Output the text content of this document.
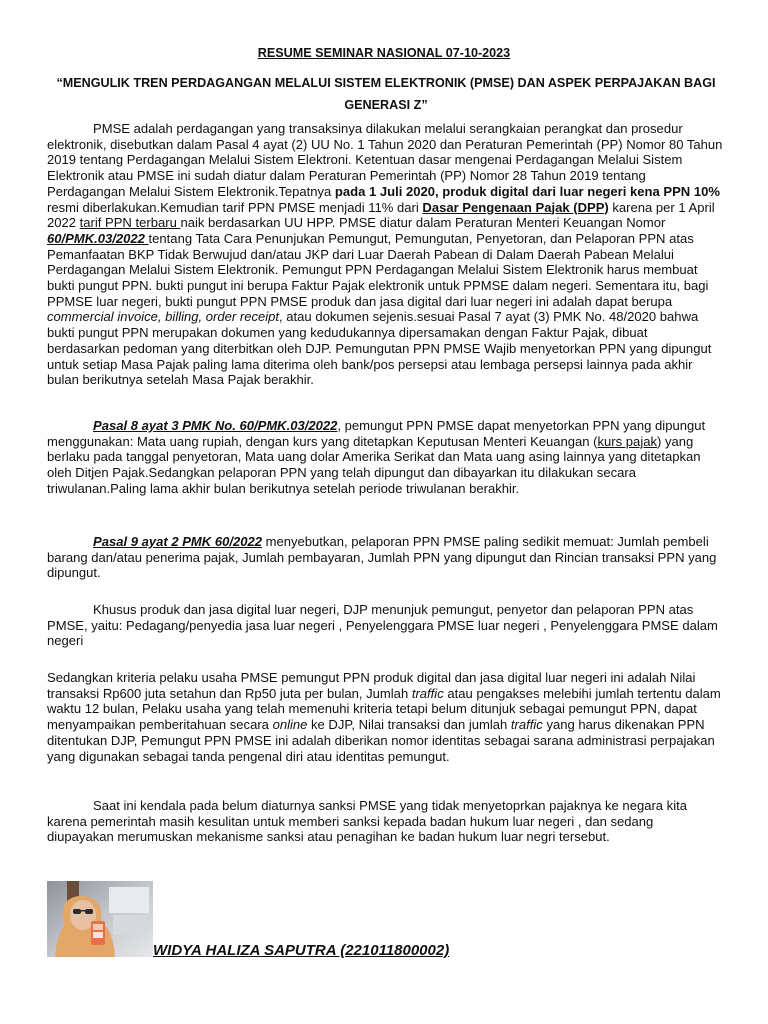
RESUME SEMINAR NASIONAL 07-10-2023
“MENGULIK TREN PERDAGANGAN MELALUI SISTEM ELEKTRONIK (PMSE) DAN ASPEK PERPAJAKAN BAGI GENERASI Z”

PMSE adalah perdagangan yang transaksinya dilakukan melalui serangkaian perangkat dan prosedur elektronik, disebutkan dalam Pasal 4 ayat (2) UU No. 1 Tahun 2020 dan Peraturan Pemerintah (PP) Nomor 80 Tahun 2019 tentang Perdagangan Melalui Sistem Elektroni. Ketentuan dasar mengenai Perdagangan Melalui Sistem Elektronik atau PMSE ini sudah diatur dalam Peraturan Pemerintah (PP) Nomor 28 Tahun 2019 tentang Perdagangan Melalui Sistem Elektronik.Tepatnya pada 1 Juli 2020, produk digital dari luar negeri kena PPN 10% resmi diberlakukan.Kemudian tarif PPN PMSE menjadi 11% dari Dasar Pengenaan Pajak (DPP) karena per 1 April 2022 tarif PPN terbaru naik berdasarkan UU HPP. PMSE diatur dalam Peraturan Menteri Keuangan Nomor 60/PMK.03/2022 tentang Tata Cara Penunjukan Pemungut, Pemungutan, Penyetoran, dan Pelaporan PPN atas Pemanfaatan BKP Tidak Berwujud dan/atau JKP dari Luar Daerah Pabean di Dalam Daerah Pabean Melalui Perdagangan Melalui Sistem Elektronik. Pemungut PPN Perdagangan Melalui Sistem Elektronik harus membuat bukti pungut PPN. bukti pungut ini berupa Faktur Pajak elektronik untuk PPMSE dalam negeri. Sementara itu, bagi PPMSE luar negeri, bukti pungut PPN PMSE produk dan jasa digital dari luar negeri ini adalah dapat berupa commercial invoice, billing, order receipt, atau dokumen sejenis.sesuai Pasal 7 ayat (3) PMK No. 48/2020 bahwa bukti pungut PPN merupakan dokumen yang kedudukannya dipersamakan dengan Faktur Pajak, dibuat berdasarkan pedoman yang diterbitkan oleh DJP. Pemungutan PPN PMSE Wajib menyetorkan PPN yang dipungut untuk setiap Masa Pajak paling lama diterima oleh bank/pos persepsi atau lembaga persepsi lainnya pada akhir bulan berikutnya setelah Masa Pajak berakhir.

Pasal 8 ayat 3 PMK No. 60/PMK.03/2022, pemungut PPN PMSE dapat menyetorkan PPN yang dipungut menggunakan: Mata uang rupiah, dengan kurs yang ditetapkan Keputusan Menteri Keuangan (kurs pajak) yang berlaku pada tanggal penyetoran, Mata uang dolar Amerika Serikat dan Mata uang asing lainnya yang ditetapkan oleh Ditjen Pajak.Sedangkan pelaporan PPN yang telah dipungut dan dibayarkan itu dilakukan secara triwulanan.Paling lama akhir bulan berikutnya setelah periode triwulanan berakhir.

Pasal 9 ayat 2 PMK 60/2022 menyebutkan, pelaporan PPN PMSE paling sedikit memuat: Jumlah pembeli barang dan/atau penerima pajak, Jumlah pembayaran, Jumlah PPN yang dipungut dan Rincian transaksi PPN yang dipungut.

Khusus produk dan jasa digital luar negeri, DJP menunjuk pemungut, penyetor dan pelaporan PPN atas PMSE, yaitu: Pedagang/penyedia jasa luar negeri , Penyelenggara PMSE luar negeri , Penyelenggara PMSE dalam negeri

Sedangkan kriteria pelaku usaha PMSE pemungut PPN produk digital dan jasa digital luar negeri ini adalah Nilai transaksi Rp600 juta setahun dan Rp50 juta per bulan, Jumlah traffic atau pengakses melebihi jumlah tertentu dalam waktu 12 bulan, Pelaku usaha yang telah memenuhi kriteria tetapi belum ditunjuk sebagai pemungut PPN, dapat menyampaikan pemberitahuan secara online ke DJP, Nilai transaksi dan jumlah traffic yang harus dikenakan PPN ditentukan DJP, Pemungut PPN PMSE ini adalah diberikan nomor identitas sebagai sarana administrasi perpajakan yang digunakan sebagai tanda pengenal diri atau identitas pemungut.

Saat ini kendala pada belum diaturnya sanksi PMSE yang tidak menyetoprkan pajaknya ke negara kita karena pemerintah masih kesulitan untuk memberi sanksi kepada badan hukum luar negeri , dan sedang diupayakan merumuskan mekanisme sanksi atau penagihan ke badan hukum luar negri tersebut.

WIDYA HALIZA SAPUTRA (221011800002)
